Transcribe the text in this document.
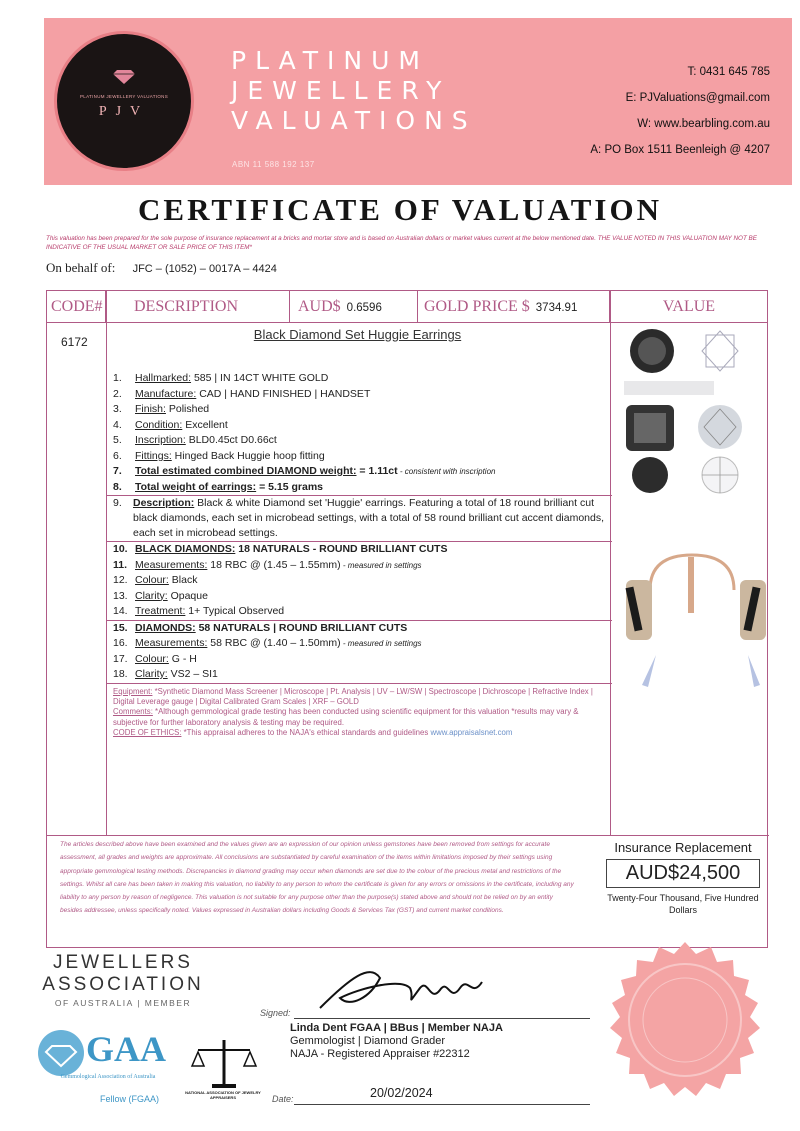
PLATINUM JEWELLERY VALUATIONS
PJV
PLATINUM
JEWELLERY
VALUATIONS
ABN 11 588 192 137
T: 0431 645 785
E: PJValuations@gmail.com
W: www.bearbling.com.au
A: PO Box 1511 Beenleigh @ 4207
CERTIFICATE OF VALUATION
This valuation has been prepared for the sole purpose of insurance replacement at a bricks and mortar store and is based on Australian dollars or market values current at the below mentioned date. THE VALUE NOTED IN THIS VALUATION MAY NOT BE INDICATIVE OF THE USUAL MARKET OR SALE PRICE OF THIS ITEM*
On behalf of: JFC – (1052) – 0017A – 4424
CODE#	DESCRIPTION	AUD$ 0.6596	GOLD PRICE $ 3734.91	VALUE
6172	Black Diamond Set Huggie Earrings
1. Hallmarked: 585 | IN 14CT WHITE GOLD
2. Manufacture: CAD | HAND FINISHED | HANDSET
3. Finish: Polished
4. Condition: Excellent
5. Inscription: BLD0.45ct D0.66ct
6. Fittings: Hinged Back Huggie hoop fitting
7. Total estimated combined DIAMOND weight: = 1.11ct - consistent with inscription
8. Total weight of earrings: = 5.15 grams
9. Description: Black & white Diamond set 'Huggie' earrings. Featuring a total of 18 round brilliant cut black diamonds, each set in microbead settings, with a total of 58 round brilliant cut accent diamonds, each set in microbead settings.
10. BLACK DIAMONDS: 18 NATURALS - ROUND BRILLIANT CUTS
11. Measurements: 18 RBC @ (1.45 – 1.55mm) - measured in settings
12. Colour: Black
13. Clarity: Opaque
14. Treatment: 1+ Typical Observed
15. DIAMONDS: 58 NATURALS | ROUND BRILLIANT CUTS
16. Measurements: 58 RBC @ (1.40 – 1.50mm) - measured in settings
17. Colour: G - H
18. Clarity: VS2 – SI1
Equipment: *Synthetic Diamond Mass Screener | Microscope | Pt. Analysis | UV – LW/SW | Spectroscope | Dichroscope | Refractive Index | Digital Leverage gauge | Digital Calibrated Gram Scales | XRF – GOLD
Comments: *Although gemmological grade testing has been conducted using scientific equipment for this valuation *results may vary & subjective for further laboratory analysis & testing may be required.
CODE OF ETHICS: *This appraisal adheres to the NAJA's ethical standards and guidelines www.appraisalsnet.com
The articles described above have been examined and the values given are an expression of our opinion unless gemstones have been removed from settings for accurate assessment, all grades and weights are approximate. All conclusions are substantiated by careful examination of the items within limitations imposed by their settings using appropriate gemmological testing methods. Discrepancies in diamond grading may occur when diamonds are set due to the colour of the precious metal and restrictions of the settings. Whilst all care has been taken in making this valuation, no liability to any person to whom the certificate is given for any errors or omissions in the certificate, including any liability to any person by reason of negligence. This valuation is not suitable for any purpose other than the purpose(s) stated above and should not be relied on by an entity besides addressee, unless specifically noted. Values expressed in Australian dollars including Goods & Services Tax (GST) and current market conditions.
Insurance Replacement
AUD$24,500
Twenty-Four Thousand, Five Hundred Dollars
JEWELLERS
ASSOCIATION
OF AUSTRALIA | MEMBER
GAA
Gemmological Association of Australia
Fellow (FGAA)
NATIONAL ASSOCIATION OF JEWELRY APPRAISERS
Signed:
Linda Dent FGAA | BBus | Member NAJA
Gemmologist | Diamond Grader
NAJA - Registered Appraiser #22312
Date:	20/02/2024
